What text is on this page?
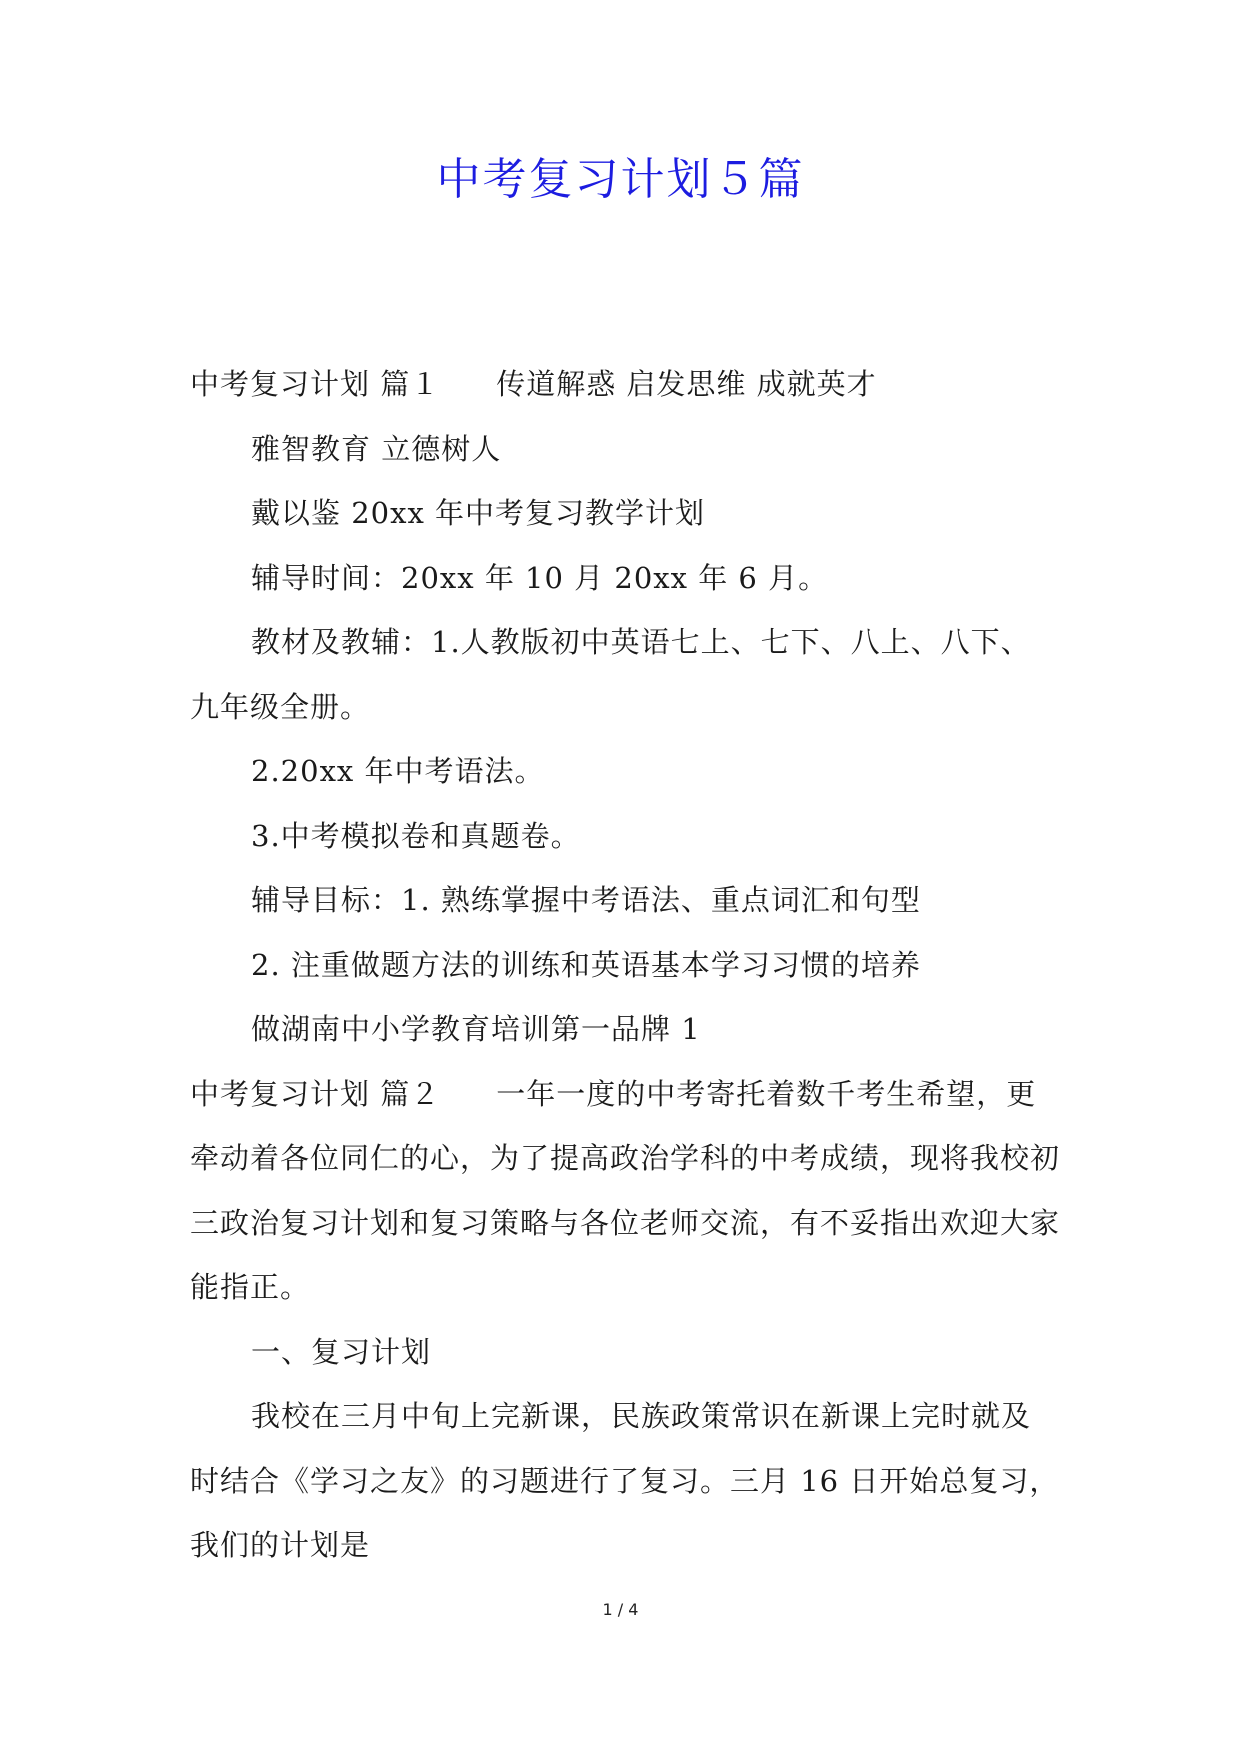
中考复习计划５篇

中考复习计划 篇１ 传道解惑 启发思维 成就英才

雅智教育 立德树人

戴以鉴 20xx 年中考复习教学计划

辅导时间：20xx 年 10 月 20xx 年 6 月。

教材及教辅：1.人教版初中英语七上、七下、八上、八下、九年级全册。

2.20xx 年中考语法。

3.中考模拟卷和真题卷。

辅导目标：1. 熟练掌握中考语法、重点词汇和句型

2. 注重做题方法的训练和英语基本学习习惯的培养

做湖南中小学教育培训第一品牌 1

中考复习计划 篇２ 一年一度的中考寄托着数千考生希望，更牵动着各位同仁的心，为了提高政治学科的中考成绩，现将我校初三政治复习计划和复习策略与各位老师交流，有不妥指出欢迎大家能指正。

一、复习计划

我校在三月中旬上完新课，民族政策常识在新课上完时就及时结合《学习之友》的习题进行了复习。三月 16 日开始总复习，我们的计划是

1 / 4
